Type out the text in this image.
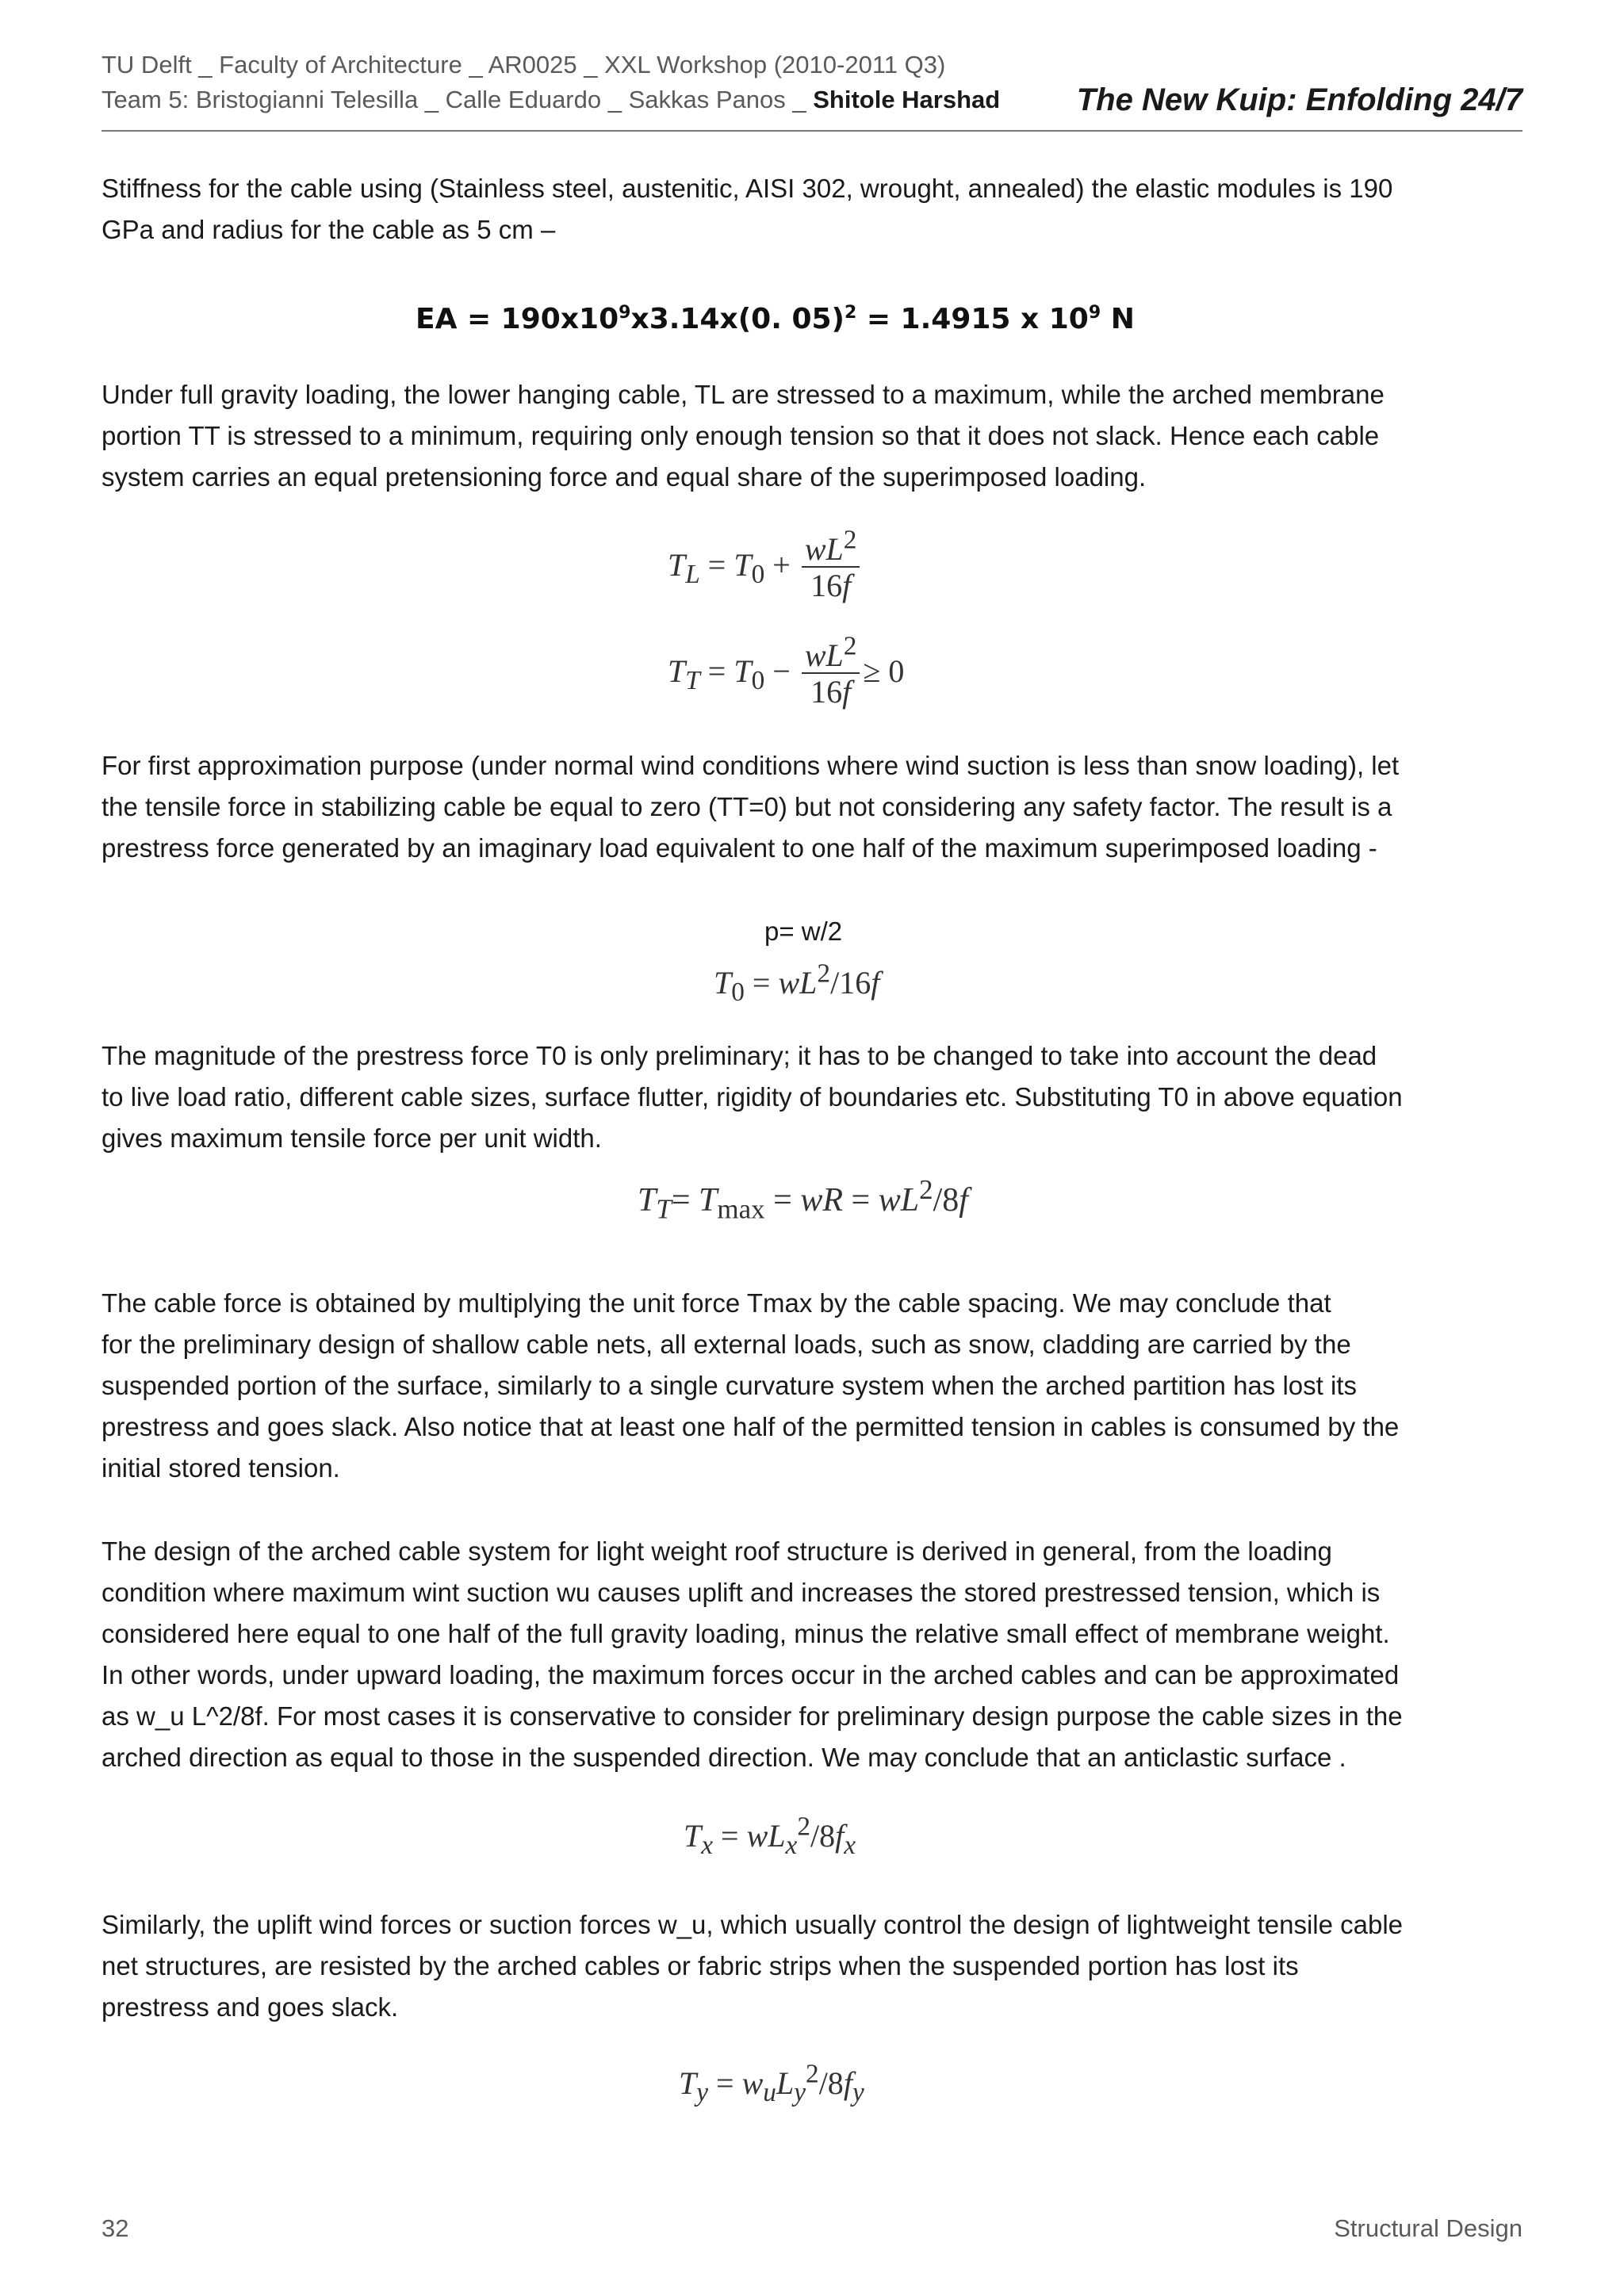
TU Delft _ Faculty of Architecture _ AR0025 _ XXL Workshop (2010-2011 Q3)
Team 5: Bristogianni Telesilla _ Calle Eduardo _ Sakkas Panos _ Shitole Harshad The New Kuip: Enfolding 24/7
Stiffness for the cable using (Stainless steel, austenitic, AISI 302, wrought, annealed) the elastic modules is 190
GPa and radius for the cable as 5 cm –
EA = $190x10^9x3.14x(0$. 05)$^2$ = 1.4915 x $10^9$ N
Under full gravity loading, the lower hanging cable, TL are stressed to a maximum, while the arched membrane
portion TT is stressed to a minimum, requiring only enough tension so that it does not slack. Hence each cable
system carries an equal pretensioning force and equal share of the superimposed loading.
$T_L = T_0 + \frac{wL^2}{16f}$
$T_T = T_0 - \frac{wL^2}{16f} \ge 0$
For first approximation purpose (under normal wind conditions where wind suction is less than snow loading), let
the tensile force in stabilizing cable be equal to zero (TT=0) but not considering any safety factor. The result is a
prestress force generated by an imaginary load equivalent to one half of the maximum superimposed loading -
p= w/2
$T_0 = wL^2/16f$
The magnitude of the prestress force T0 is only preliminary; it has to be changed to take into account the dead
to live load ratio, different cable sizes, surface flutter, rigidity of boundaries etc. Substituting T0 in above equation
gives maximum tensile force per unit width.
$T_T= T_{max}$ = wR = $wL^2/8f$
The cable force is obtained by multiplying the unit force Tmax by the cable spacing. We may conclude that
for the preliminary design of shallow cable nets, all external loads, such as snow, cladding are carried by the
suspended portion of the surface, similarly to a single curvature system when the arched partition has lost its
prestress and goes slack. Also notice that at least one half of the permitted tension in cables is consumed by the
initial stored tension.
The design of the arched cable system for light weight roof structure is derived in general, from the loading
condition where maximum wint suction wu causes uplift and increases the stored prestressed tension, which is
considered here equal to one half of the full gravity loading, minus the relative small effect of membrane weight.
In other words, under upward loading, the maximum forces occur in the arched cables and can be approximated
as w_u L^2/8f. For most cases it is conservative to consider for preliminary design purpose the cable sizes in the
arched direction as equal to those in the suspended direction. We may conclude that an anticlastic surface .
$T_x = wL_x^2/8f_x$
Similarly, the uplift wind forces or suction forces w_u, which usually control the design of lightweight tensile cable
net structures, are resisted by the arched cables or fabric strips when the suspended portion has lost its
prestress and goes slack.
$T_y = w_uL_y^2/8f_y$
32	Structural Design
